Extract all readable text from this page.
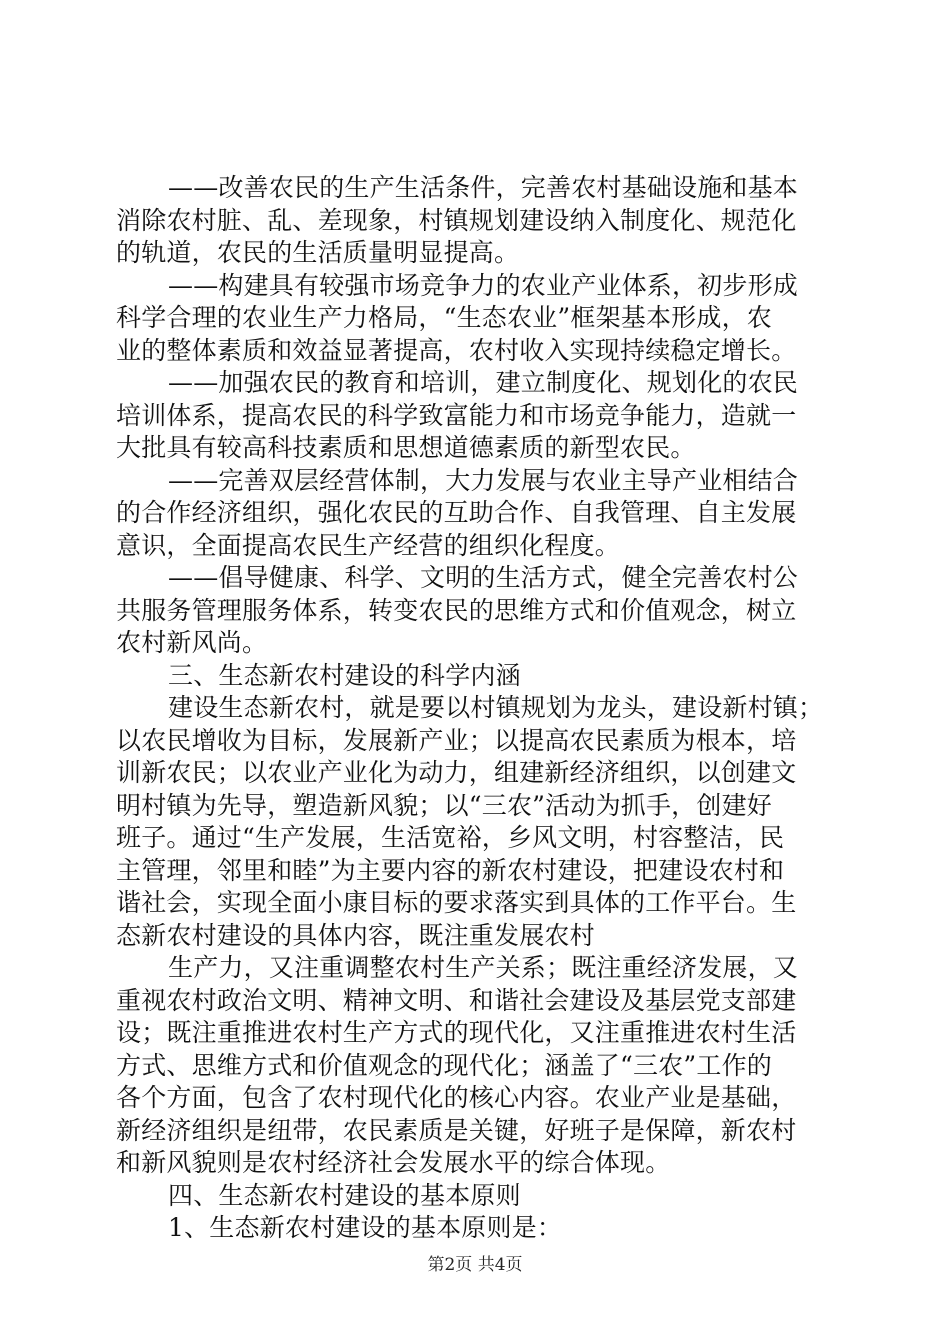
——改善农民的生产生活条件，完善农村基础设施和基本
消除农村脏、乱、差现象，村镇规划建设纳入制度化、规范化
的轨道，农民的生活质量明显提高。
——构建具有较强市场竞争力的农业产业体系，初步形成
科学合理的农业生产力格局，“生态农业”框架基本形成，农
业的整体素质和效益显著提高，农村收入实现持续稳定增长。
——加强农民的教育和培训，建立制度化、规划化的农民
培训体系，提高农民的科学致富能力和市场竞争能力，造就一
大批具有较高科技素质和思想道德素质的新型农民。
——完善双层经营体制，大力发展与农业主导产业相结合
的合作经济组织，强化农民的互助合作、自我管理、自主发展
意识，全面提高农民生产经营的组织化程度。
——倡导健康、科学、文明的生活方式，健全完善农村公
共服务管理服务体系，转变农民的思维方式和价值观念，树立
农村新风尚。
三、生态新农村建设的科学内涵
建设生态新农村，就是要以村镇规划为龙头，建设新村镇；
以农民增收为目标，发展新产业；以提高农民素质为根本，培
训新农民；以农业产业化为动力，组建新经济组织，以创建文
明村镇为先导，塑造新风貌；以“三农”活动为抓手，创建好
班子。通过“生产发展，生活宽裕，乡风文明，村容整洁，民
主管理，邻里和睦”为主要内容的新农村建设，把建设农村和
谐社会，实现全面小康目标的要求落实到具体的工作平台。生
态新农村建设的具体内容，既注重发展农村
生产力，又注重调整农村生产关系；既注重经济发展，又
重视农村政治文明、精神文明、和谐社会建设及基层党支部建
设；既注重推进农村生产方式的现代化，又注重推进农村生活
方式、思维方式和价值观念的现代化；涵盖了“三农”工作的
各个方面，包含了农村现代化的核心内容。农业产业是基础，
新经济组织是纽带，农民素质是关键，好班子是保障，新农村
和新风貌则是农村经济社会发展水平的综合体现。
四、生态新农村建设的基本原则
1、生态新农村建设的基本原则是：
第2页 共4页
